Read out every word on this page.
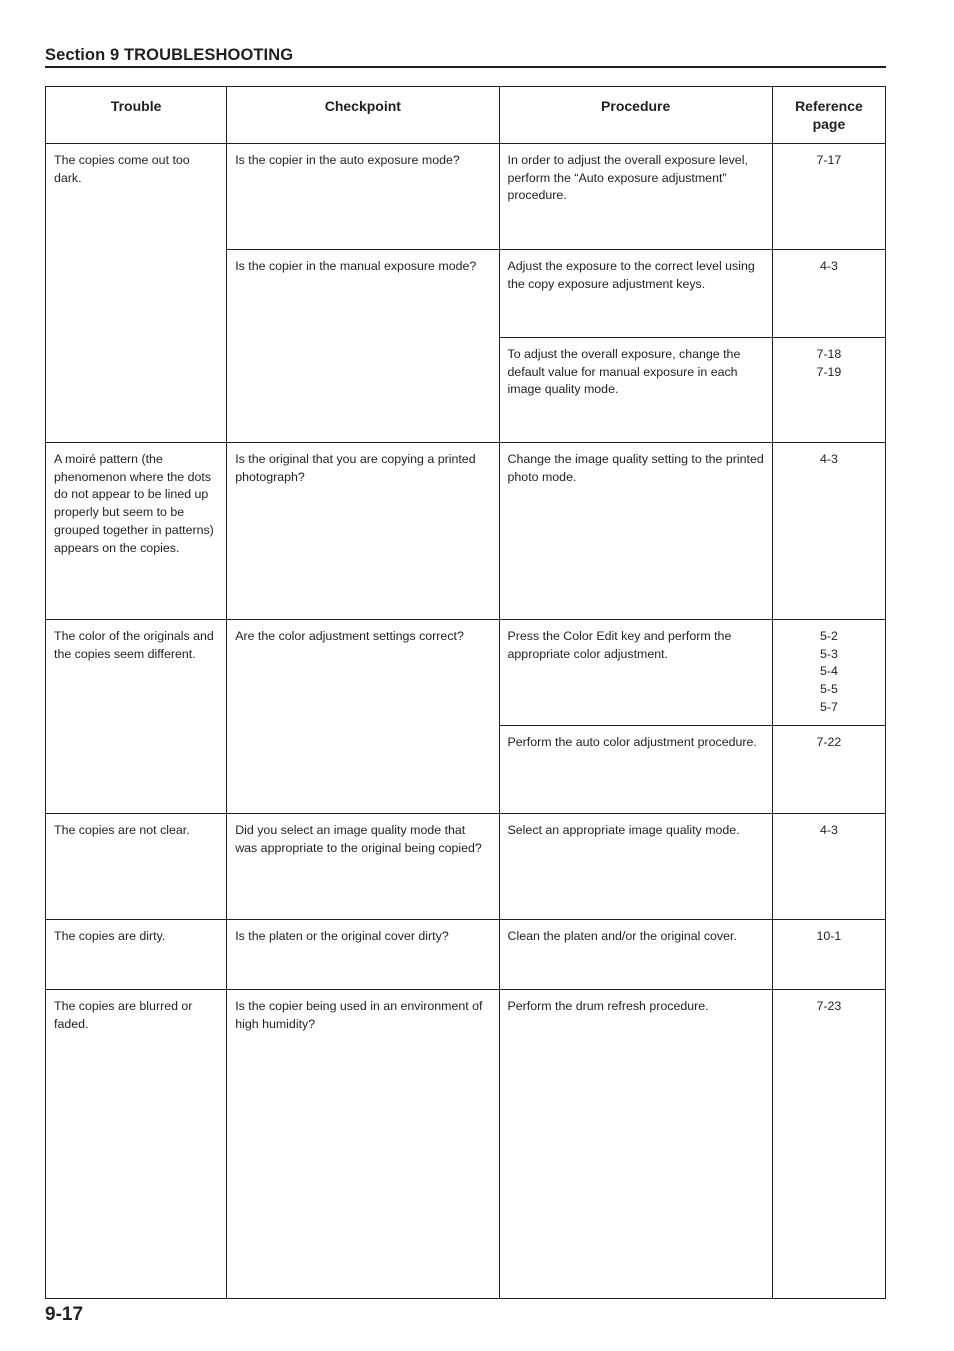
Section 9 TROUBLESHOOTING
Trouble	Checkpoint	Procedure	Reference page
The copies come out too dark.	Is the copier in the auto exposure mode?	In order to adjust the overall exposure level, perform the “Auto exposure adjustment” procedure.	7-17

	Is the copier in the manual exposure mode?	Adjust the exposure to the correct level using the copy exposure adjustment keys.	4-3

		To adjust the overall exposure, change the default value for manual exposure in each image quality mode.	7-18
7-19

A moiré pattern (the phenomenon where the dots do not appear to be lined up properly but seem to be grouped together in patterns) appears on the copies.	Is the original that you are copying a printed photograph?	Change the image quality setting to the printed photo mode.	4-3

The color of the originals and the copies seem different.	Are the color adjustment settings correct?	Press the Color Edit key and perform the appropriate color adjustment.	5-2
5-3
5-4
5-5
5-7

		Perform the auto color adjustment procedure.	7-22

The copies are not clear.	Did you select an image quality mode that was appropriate to the original being copied?	Select an appropriate image quality mode.	4-3

The copies are dirty.	Is the platen or the original cover dirty?	Clean the platen and/or the original cover.	10-1

The copies are blurred or faded.	Is the copier being used in an environment of high humidity?	Perform the drum refresh procedure.	7-23
9-17
